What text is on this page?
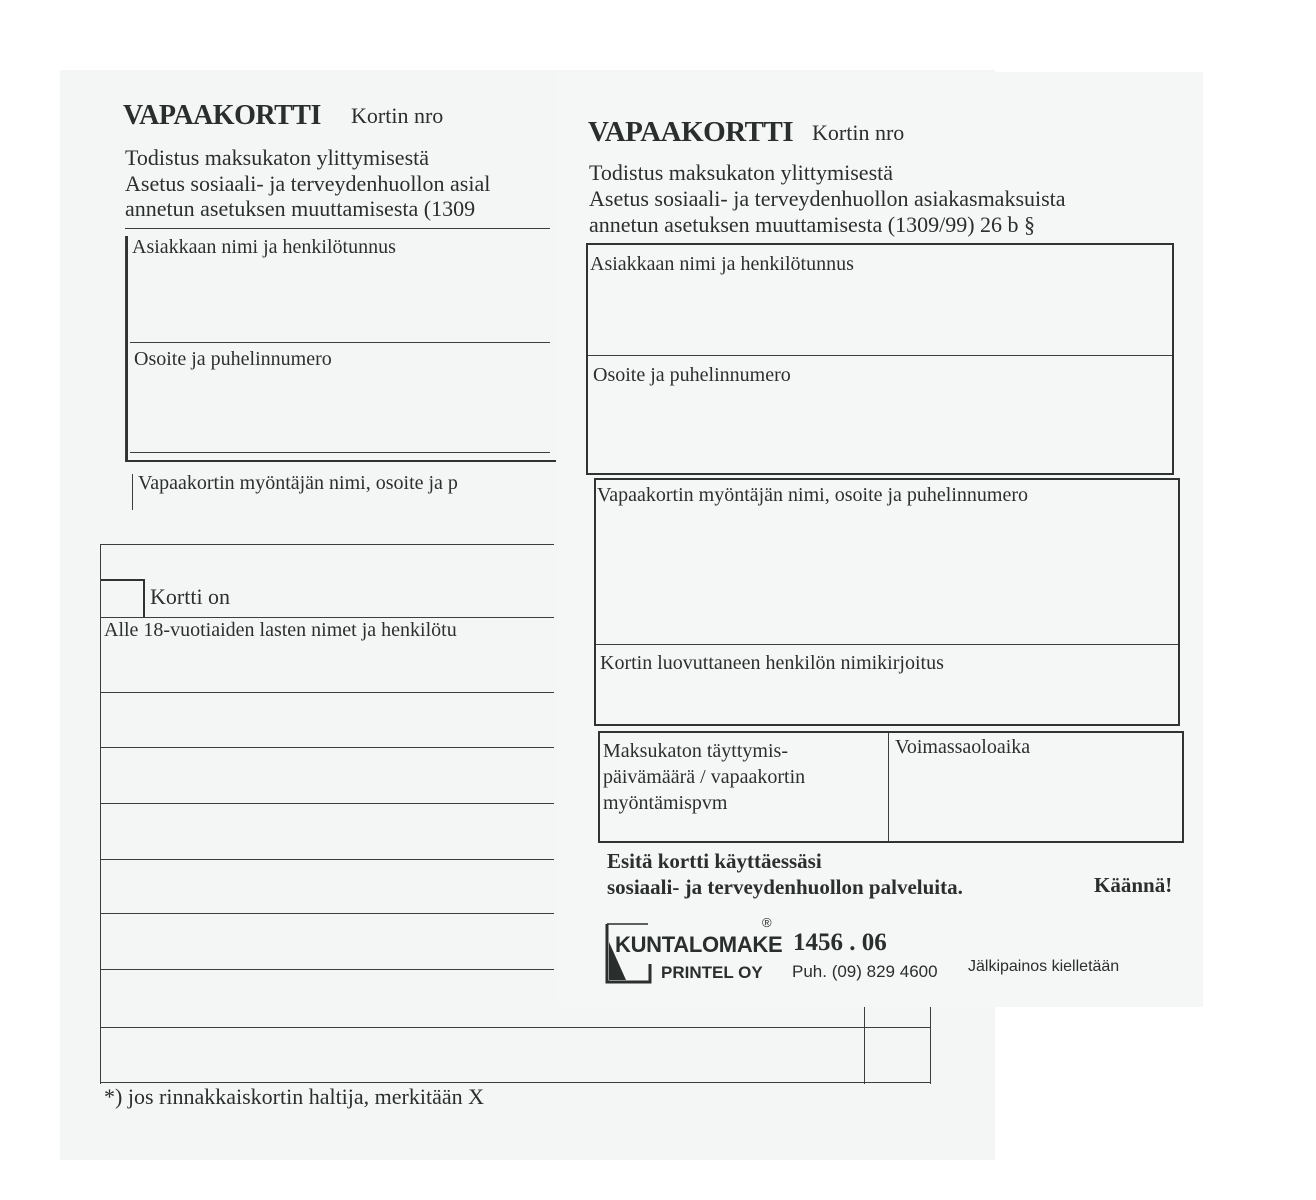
VAPAAKORTTI Kortin nro
Todistus maksukaton ylittymisestä
Asetus sosiaali- ja terveydenhuollon asial
annetun asetuksen muuttamisesta (1309
Asiakkaan nimi ja henkilötunnus
Osoite ja puhelinnumero
Vapaakortin myöntäjän nimi, osoite ja p
Kortti on
Alle 18-vuotiaiden lasten nimet ja henkilötu
*) jos rinnakkaiskortin haltija, merkitään X
VAPAAKORTTI Kortin nro
Todistus maksukaton ylittymisestä
Asetus sosiaali- ja terveydenhuollon asiakasmaksuista
annetun asetuksen muuttamisesta (1309/99) 26 b §
Asiakkaan nimi ja henkilötunnus
Osoite ja puhelinnumero
Vapaakortin myöntäjän nimi, osoite ja puhelinnumero
Kortin luovuttaneen henkilön nimikirjoitus
Maksukaton täyttymis-
päivämäärä / vapaakortin
myöntämispvm
Voimassaoloaika
Esitä kortti käyttäessäsi
sosiaali- ja terveydenhuollon palveluita.	Käännä!
KUNTALOMAKE
®
1456 . 06
PRINTEL OY Puh. (09) 829 4600 Jälkipainos kielletään
